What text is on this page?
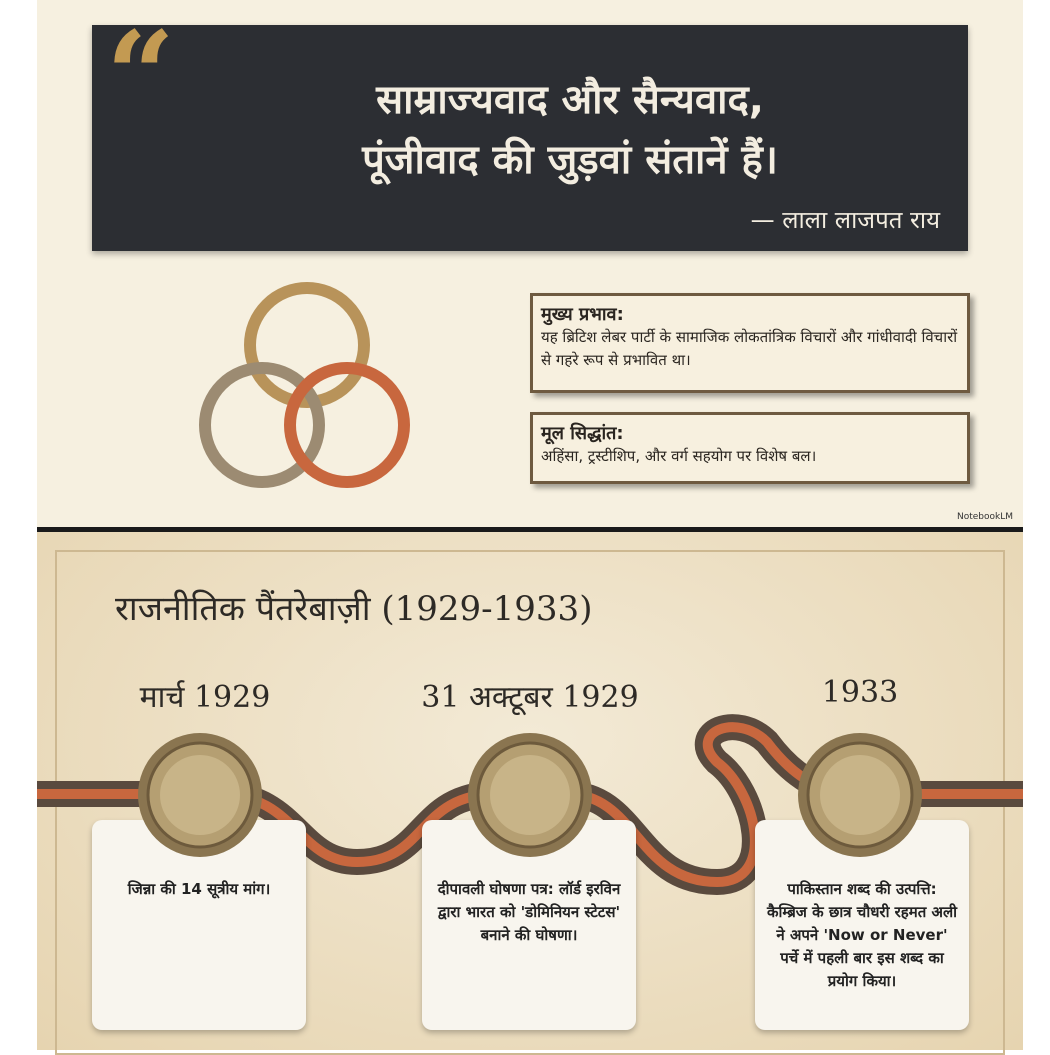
“	साम्राज्यवाद और सैन्यवाद,
पूंजीवाद की जुड़वां संतानें हैं।
— लाला लाजपत राय
मुख्य प्रभाव:

यह ब्रिटिश लेबर पार्टी के सामाजिक लोकतांत्रिक विचारों और गांधीवादी विचारों से गहरे रूप से प्रभावित था।

मूल सिद्धांत:

अहिंसा, ट्रस्टीशिप, और वर्ग सहयोग पर विशेष बल।

NotebookLM
राजनीतिक पैंतरेबाज़ी (1929-1933)
मार्च 1929	31 अक्टूबर 1929	1933
जिन्ना की 14 सूत्रीय मांग।	दीपावली घोषणा पत्र: लॉर्ड इरविन द्वारा भारत को 'डोमिनियन स्टेटस' बनाने की घोषणा।
पाकिस्तान शब्द की उत्पत्ति: कैम्ब्रिज के छात्र चौधरी रहमत अली ने अपने 'Now or Never' पर्चे में पहली बार इस शब्द का प्रयोग किया।
